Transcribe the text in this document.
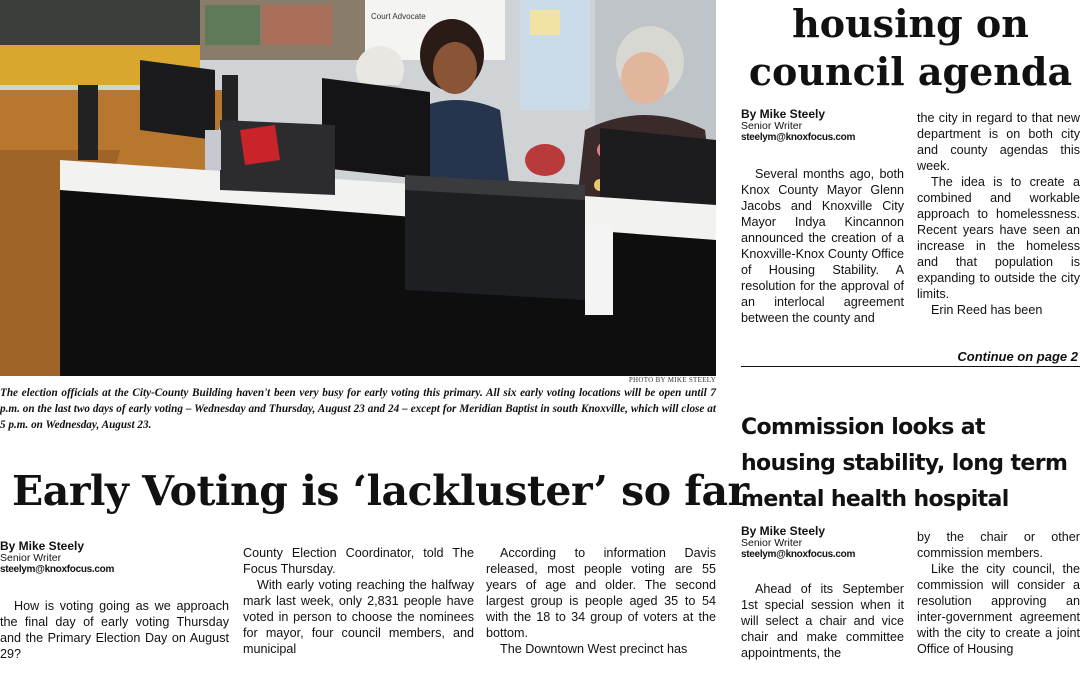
Court Advocate
PHOTO BY MIKE STEELY
The election officials at the City-County Building haven't been very busy for early voting this primary. All six early voting locations will be open until 7 p.m. on the last two days of early voting – Wednesday and Thursday, August 23 and 24 – except for Meridian Baptist in south Knoxville, which will close at 5 p.m. on Wednesday, August 23.
Early Voting is ‘lackluster’ so far
By Mike Steely
Senior Writer
steelym@knoxfocus.com

How is voting going as we approach the final day of early voting Thursday and the Primary Election Day on August 29?

County Election Coordinator, told The Focus Thursday.

With early voting reaching the halfway mark last week, only 2,831 people have voted in person to choose the nominees for mayor, four council members, and municipal

According to information Davis released, most people voting are 55 years of age and older. The second largest group is people aged 35 to 54 with the 18 to 34 group of voters at the bottom.

The Downtown West precinct has

housing on
council agenda
By Mike Steely
Senior Writer
steelym@knoxfocus.com

Several months ago, both Knox County Mayor Glenn Jacobs and Knoxville City Mayor Indya Kincannon announced the creation of a Knoxville-Knox County Office of Housing Stability. A resolution for the approval of an interlocal agreement between the county and

the city in regard to that new department is on both city and county agendas this week.

The idea is to create a combined and workable approach to homelessness. Recent years have seen an increase in the homeless and that population is expanding to outside the city limits.

Erin Reed has been

Continue on page 2
Commission looks at
housing stability, long term
mental health hospital
By Mike Steely
Senior Writer
steelym@knoxfocus.com

Ahead of its September 1st special session when it will select a chair and vice chair and make committee appointments, the

by the chair or other commission members.

Like the city council, the commission will consider a resolution approving an inter-government agreement with the city to create a joint Office of Housing
